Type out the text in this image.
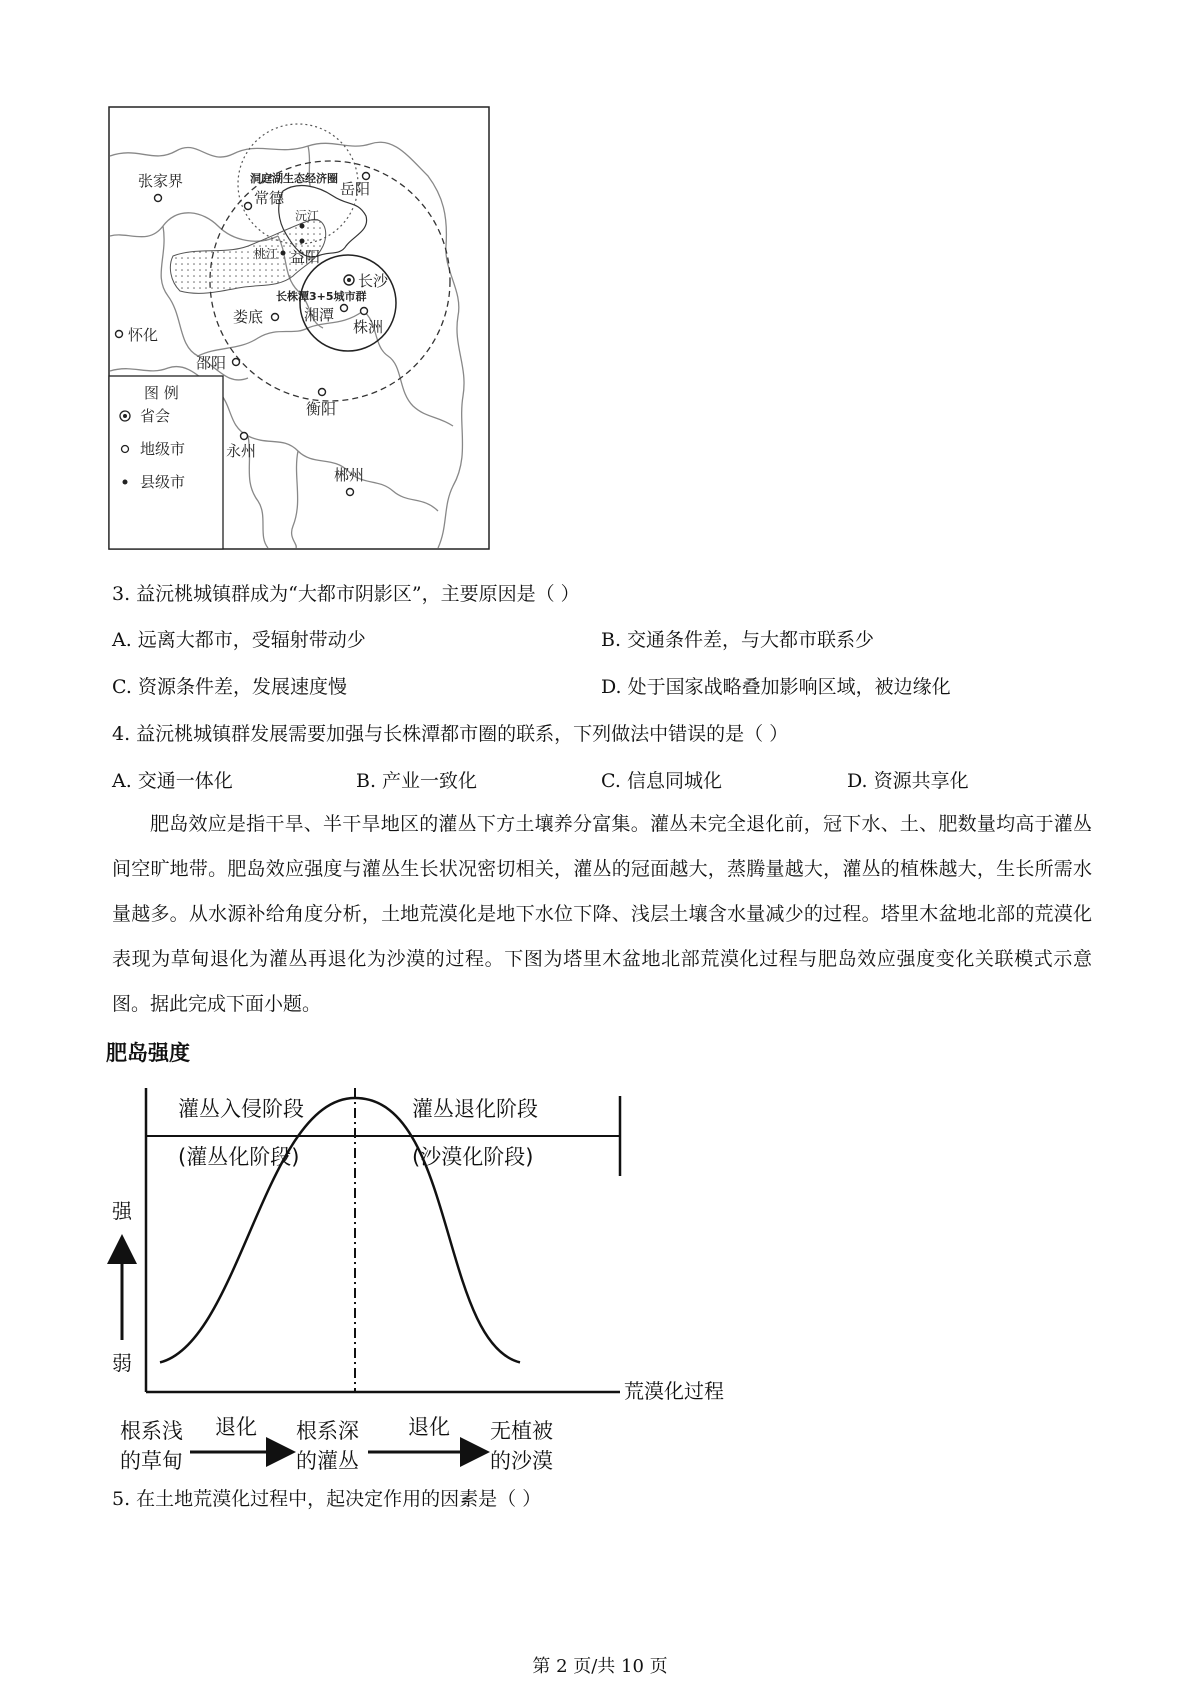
张家界
常德	岳阳
沅江
桃江 益阳
长沙
娄底	湘潭
株洲
怀化
邵阳
衡阳
永州
郴州
洞庭湖生态经济圈
长株潭3+5城市群
图 例
省会
地级市
县级市
3. 益沅桃城镇群成为“大都市阴影区”，主要原因是（ ）
A. 远离大都市，受辐射带动少	B. 交通条件差，与大都市联系少
C. 资源条件差，发展速度慢	D. 处于国家战略叠加影响区域，被边缘化
4. 益沅桃城镇群发展需要加强与长株潭都市圈的联系，下列做法中错误的是（ ）
A. 交通一体化	B. 产业一致化	C. 信息同城化	D. 资源共享化

肥岛效应是指干旱、半干旱地区的灌丛下方土壤养分富集。灌丛未完全退化前，冠下水、土、肥数量均高于灌丛间空旷地带。肥岛效应强度与灌丛生长状况密切相关，灌丛的冠面越大，蒸腾量越大，灌丛的植株越大，生长所需水量越多。从水源补给角度分析，土地荒漠化是地下水位下降、浅层土壤含水量减少的过程。塔里木盆地北部的荒漠化表现为草甸退化为灌丛再退化为沙漠的过程。下图为塔里木盆地北部荒漠化过程与肥岛效应强度变化关联模式示意图。据此完成下面小题。

肥岛强度
荒漠化过程
灌丛入侵阶段
(灌丛化阶段)
灌丛退化阶段
(沙漠化阶段)
强
弱
根系浅
的草甸
退化 根系深
的灌丛
退化 无植被
的沙漠
5. 在土地荒漠化过程中，起决定作用的因素是（ ）
第 2 页/共 10 页
